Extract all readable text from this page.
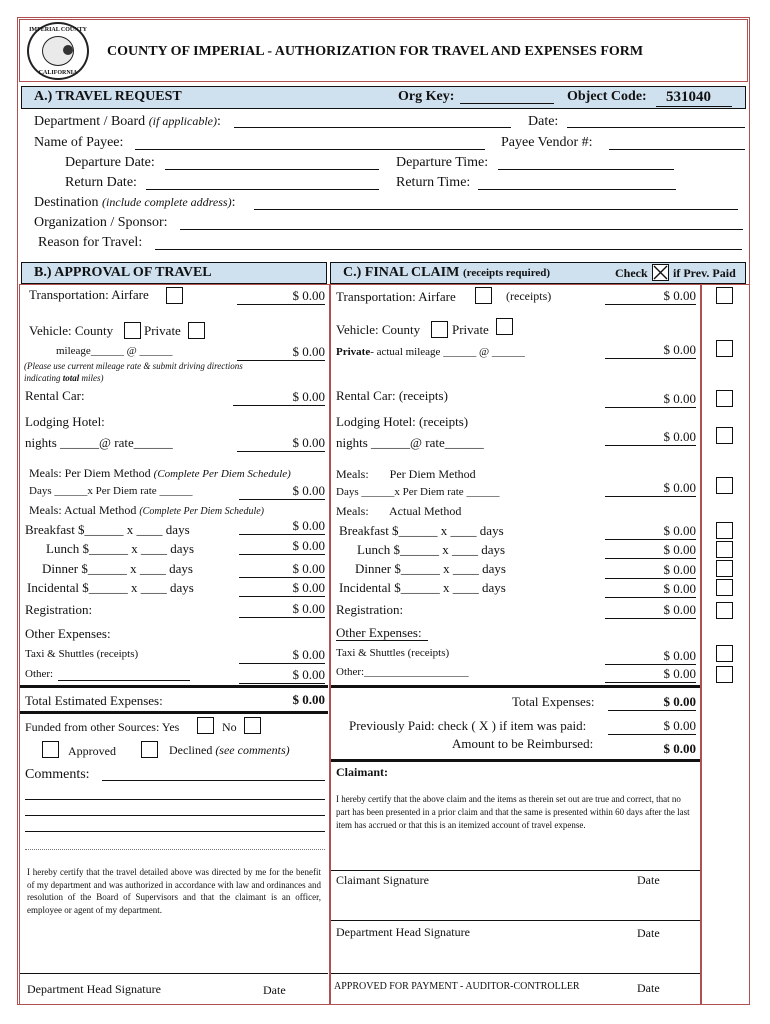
IMPERIAL COUNTY
CALIFORNIA
COUNTY OF IMPERIAL - AUTHORIZATION FOR TRAVEL AND EXPENSES FORM
A.) TRAVEL REQUEST	Org Key:	Object Code:	531040
Department / Board (if applicable):	Date:
Name of Payee:	Payee Vendor #:
Departure Date:	Departure Time:
Return Date:	Return Time:
Destination (include complete address):
Organization / Sponsor:
Reason for Travel:
B.) APPROVAL OF TRAVEL	C.) FINAL CLAIM (receipts required)	Check if Prev. Paid
Transportation: Airfare	$ 0.00
Vehicle: County Private
mileage______ @ ______	$ 0.00
(Please use current mileage rate & submit driving directions
indicating total miles)
Rental Car:	$ 0.00
Lodging Hotel:
nights ______@ rate______	$ 0.00
Meals: Per Diem Method (Complete Per Diem Schedule)
Days ______x Per Diem rate ______	$ 0.00
Meals: Actual Method (Complete Per Diem Schedule)
Breakfast $______ x ____ days	$ 0.00
Lunch $______ x ____ days	$ 0.00
Dinner $______ x ____ days	$ 0.00
Incidental $______ x ____ days	$ 0.00
Registration:	$ 0.00
Other Expenses:
Taxi & Shuttles (receipts)	$ 0.00
Other:	$ 0.00
Total Estimated Expenses:	$ 0.00
Funded from other Sources: Yes	No
Approved	Declined (see comments)
Comments:
I hereby certify that the travel detailed above was directed by me for the benefit of my department and was authorized in accordance with law and ordinances and resolution of the Board of Supervisors and that the claimant is an officer, employee or agent of my department.
Department Head Signature	Date
Transportation: Airfare	(receipts)	$ 0.00
Vehicle: County Private
Private- actual mileage ______ @ ______	$ 0.00
Rental Car: (receipts)	$ 0.00
Lodging Hotel: (receipts)
nights ______@ rate______	$ 0.00
Meals:       Per Diem Method
Days ______x Per Diem rate ______	$ 0.00
Meals:       Actual Method
Breakfast $______ x ____ days	$ 0.00
Lunch $______ x ____ days	$ 0.00
Dinner $______ x ____ days	$ 0.00
Incidental $______ x ____ days	$ 0.00
Registration:	$ 0.00
Other Expenses:
Taxi & Shuttles (receipts)	$ 0.00
Other:___________________	$ 0.00
Total Expenses:	$ 0.00
Previously Paid: check ( X ) if item was paid:	$ 0.00
Amount to be Reimbursed:	$ 0.00
Claimant:
I hereby certify that the above claim and the items as therein set out are true and correct, that no part has been presented in a prior claim and that the same is presented within 60 days after the last item has accrued or that this is an itemized account of travel expense.
Claimant Signature	Date
Department Head Signature	Date
APPROVED FOR PAYMENT - AUDITOR-CONTROLLER	Date
